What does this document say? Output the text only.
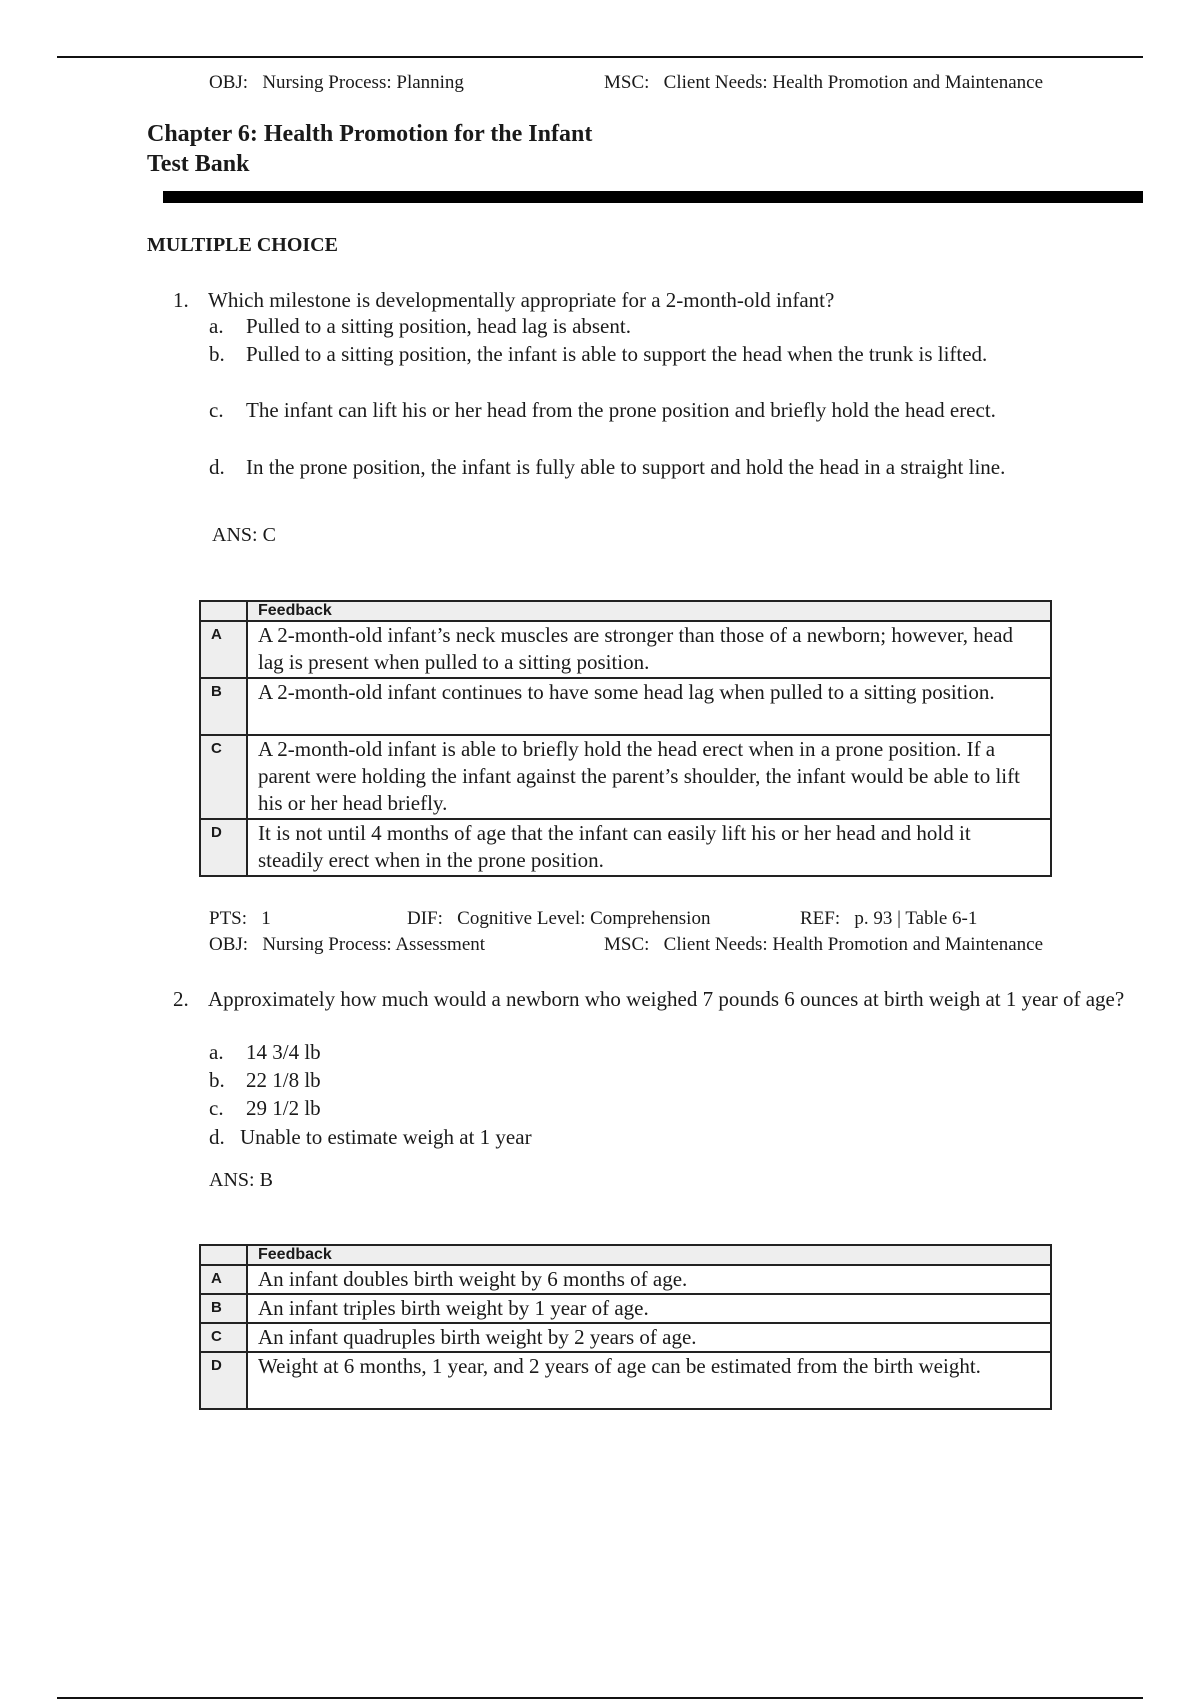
OBJ: Nursing Process: Planning	MSC: Client Needs: Health Promotion and Maintenance
Chapter 6: Health Promotion for the Infant
Test Bank
MULTIPLE CHOICE
1. Which milestone is developmentally appropriate for a 2-month-old infant?
a.	Pulled to a sitting position, head lag is absent.
b.	Pulled to a sitting position, the infant is able to support the head when the trunk is lifted.
c.	The infant can lift his or her head from the prone position and briefly hold the head erect.
d.	In the prone position, the infant is fully able to support and hold the head in a straight line.
ANS: C
	Feedback
A	A 2-month-old infant’s neck muscles are stronger than those of a newborn; however, head lag is present when pulled to a sitting position.
B	A 2-month-old infant continues to have some head lag when pulled to a sitting position.
C	A 2-month-old infant is able to briefly hold the head erect when in a prone position. If a parent were holding the infant against the parent’s shoulder, the infant would be able to lift his or her head briefly.
D	It is not until 4 months of age that the infant can easily lift his or her head and hold it steadily erect when in the prone position.
PTS: 1	DIF: Cognitive Level: Comprehension	REF: p. 93 | Table 6-1
OBJ: Nursing Process: Assessment	MSC: Client Needs: Health Promotion and Maintenance
2. Approximately how much would a newborn who weighed 7 pounds 6 ounces at birth weigh at 1 year of age?
a.	14 3/4 lb
b.	22 1/8 lb
c.	29 1/2 lb
d. Unable to estimate weigh at 1 year
ANS: B
	Feedback
A	An infant doubles birth weight by 6 months of age.
B	An infant triples birth weight by 1 year of age.
C	An infant quadruples birth weight by 2 years of age.
D	Weight at 6 months, 1 year, and 2 years of age can be estimated from the birth weight.
